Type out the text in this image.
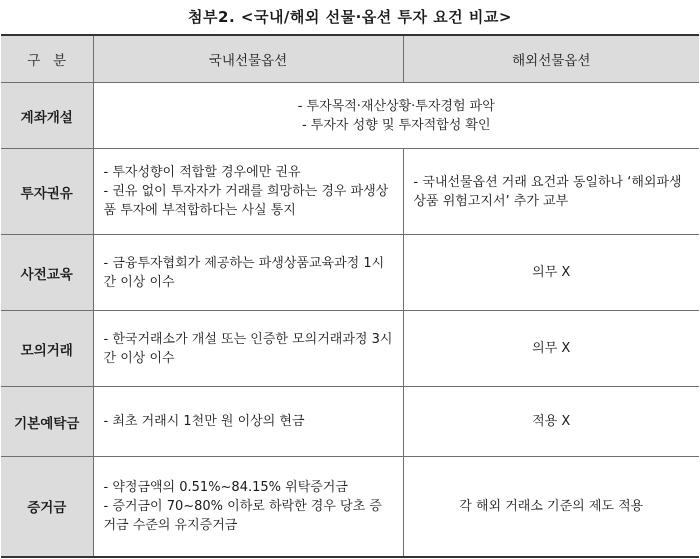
첨부2. <국내/해외 선물·옵션 투자 요건 비교>
구   분	국내선물옵션	해외선물옵션
계좌개설	- 투자목적·재산상황·투자경험 파악
- 투자자 성향 및 투자적합성 확인	

투자권유	- 투자성향이 적합할 경우에만 권유
- 권유 없이 투자자가 거래를 희망하는 경우 파생상품 투자에 부적합하다는 사실 통지	- 국내선물옵션 거래 요건과 동일하나 ‘해외파생상품 위험고지서’ 추가 교부

사전교육	- 금융투자협회가 제공하는 파생상품교육과정 1시간 이상 이수	의무 X

모의거래	- 한국거래소가 개설 또는 인증한 모의거래과정 3시간 이상 이수	의무 X

기본예탁금	- 최초 거래시 1천만 원 이상의 현금	적용 X

증거금	- 약정금액의 0.51%~84.15% 위탁증거금
- 증거금이 70~80% 이하로 하락한 경우 당초 증거금 수준의 유지증거금	각 해외 거래소 기준의 제도 적용
